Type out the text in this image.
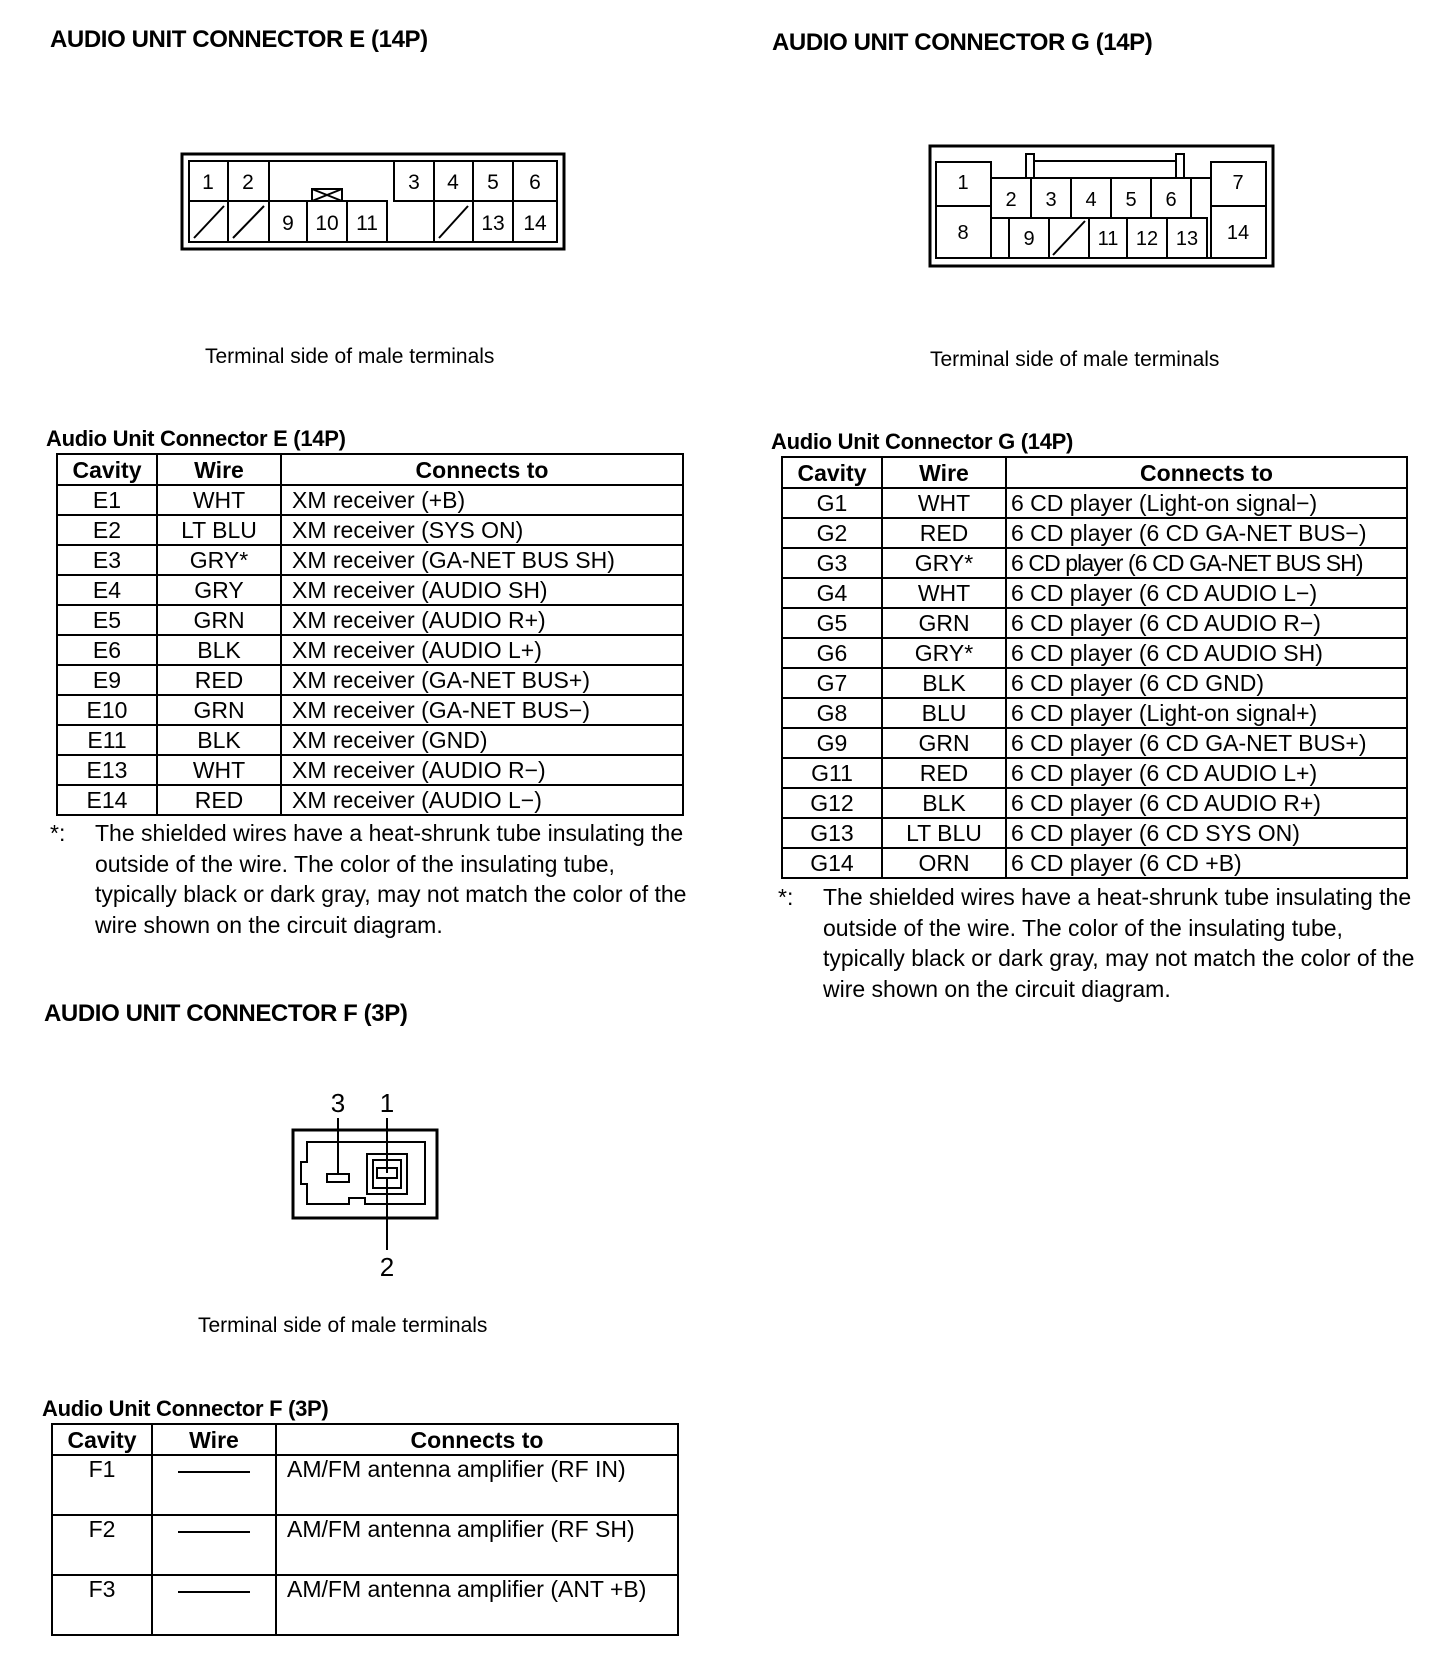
AUDIO UNIT CONNECTOR E (14P)
1 2	3 4 5 6
9 10 11	13 14
Terminal side of male terminals
Audio Unit Connector E (14P)
Cavity	Wire	Connects to
E1	WHT	XM receiver (+B)
E2	LT BLU	XM receiver (SYS ON)
E3	GRY*	XM receiver (GA-NET BUS SH)
E4	GRY	XM receiver (AUDIO SH)
E5	GRN	XM receiver (AUDIO R+)
E6	BLK	XM receiver (AUDIO L+)
E9	RED	XM receiver (GA-NET BUS+)
E10	GRN	XM receiver (GA-NET BUS−)
E11	BLK	XM receiver (GND)
E13	WHT	XM receiver (AUDIO R−)
E14	RED	XM receiver (AUDIO L−)
*: The shielded wires have a heat-shrunk tube insulating the outside of the wire. The color of the insulating tube, typically black or dark gray, may not match the color of the wire shown on the circuit diagram.
AUDIO UNIT CONNECTOR F (3P)
3 1
2
Terminal side of male terminals
Audio Unit Connector F (3P)
Cavity	Wire	Connects to
F1		AM/FM antenna amplifier (RF IN)
F2		AM/FM antenna amplifier (RF SH)
F3		AM/FM antenna amplifier (ANT +B)
AUDIO UNIT CONNECTOR G (14P)
1
2 3 4 5 6
7
8	9	11 12 13 14
Terminal side of male terminals
Audio Unit Connector G (14P)
Cavity	Wire	Connects to
G1	WHT	6 CD player (Light-on signal−)
G2	RED	6 CD player (6 CD GA-NET BUS−)
G3	GRY*	6 CD player (6 CD GA-NET BUS SH)
G4	WHT	6 CD player (6 CD AUDIO L−)
G5	GRN	6 CD player (6 CD AUDIO R−)
G6	GRY*	6 CD player (6 CD AUDIO SH)
G7	BLK	6 CD player (6 CD GND)
G8	BLU	6 CD player (Light-on signal+)
G9	GRN	6 CD player (6 CD GA-NET BUS+)
G11	RED	6 CD player (6 CD AUDIO L+)
G12	BLK	6 CD player (6 CD AUDIO R+)
G13	LT BLU	6 CD player (6 CD SYS ON)
G14	ORN	6 CD player (6 CD +B)
*: The shielded wires have a heat-shrunk tube insulating the outside of the wire. The color of the insulating tube, typically black or dark gray, may not match the color of the wire shown on the circuit diagram.
